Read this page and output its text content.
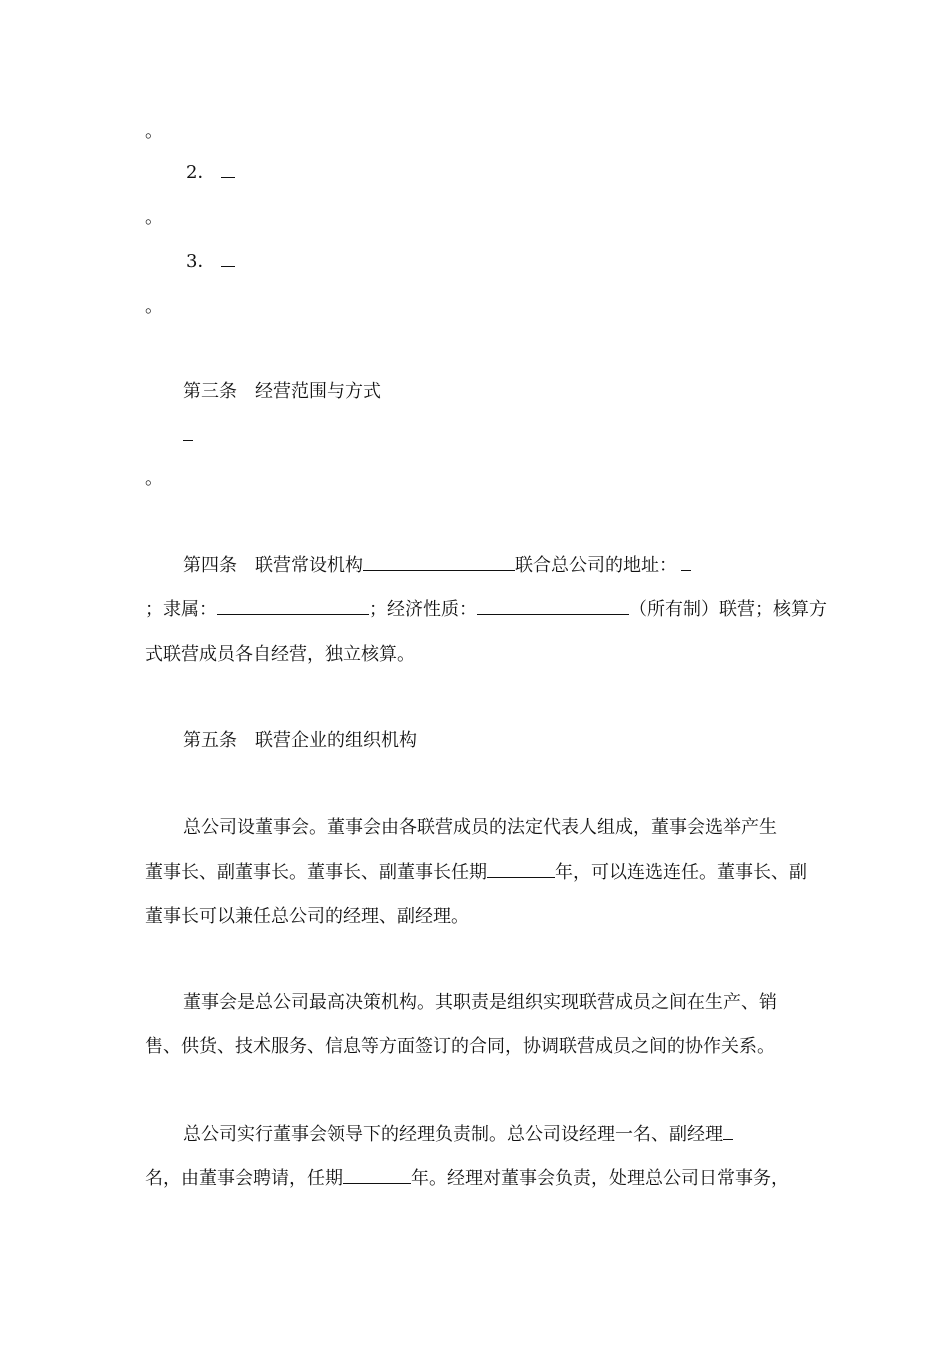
。
2．
。
3．
。
第三条　经营范围与方式
。
第四条　联营常设机构	联合总公司的地址：
；隶属：	；经济性质：	（所有制）联营；核算方
式联营成员各自经营，独立核算。
第五条　联营企业的组织机构
总公司设董事会。董事会由各联营成员的法定代表人组成，董事会选举产生
董事长、副董事长。董事长、副董事长任期	年，可以连选连任。董事长、副
董事长可以兼任总公司的经理、副经理。
董事会是总公司最高决策机构。其职责是组织实现联营成员之间在生产、销
售、供货、技术服务、信息等方面签订的合同，协调联营成员之间的协作关系。
总公司实行董事会领导下的经理负责制。总公司设经理一名、副经理
名，由董事会聘请，任期	年。经理对董事会负责，处理总公司日常事务，
